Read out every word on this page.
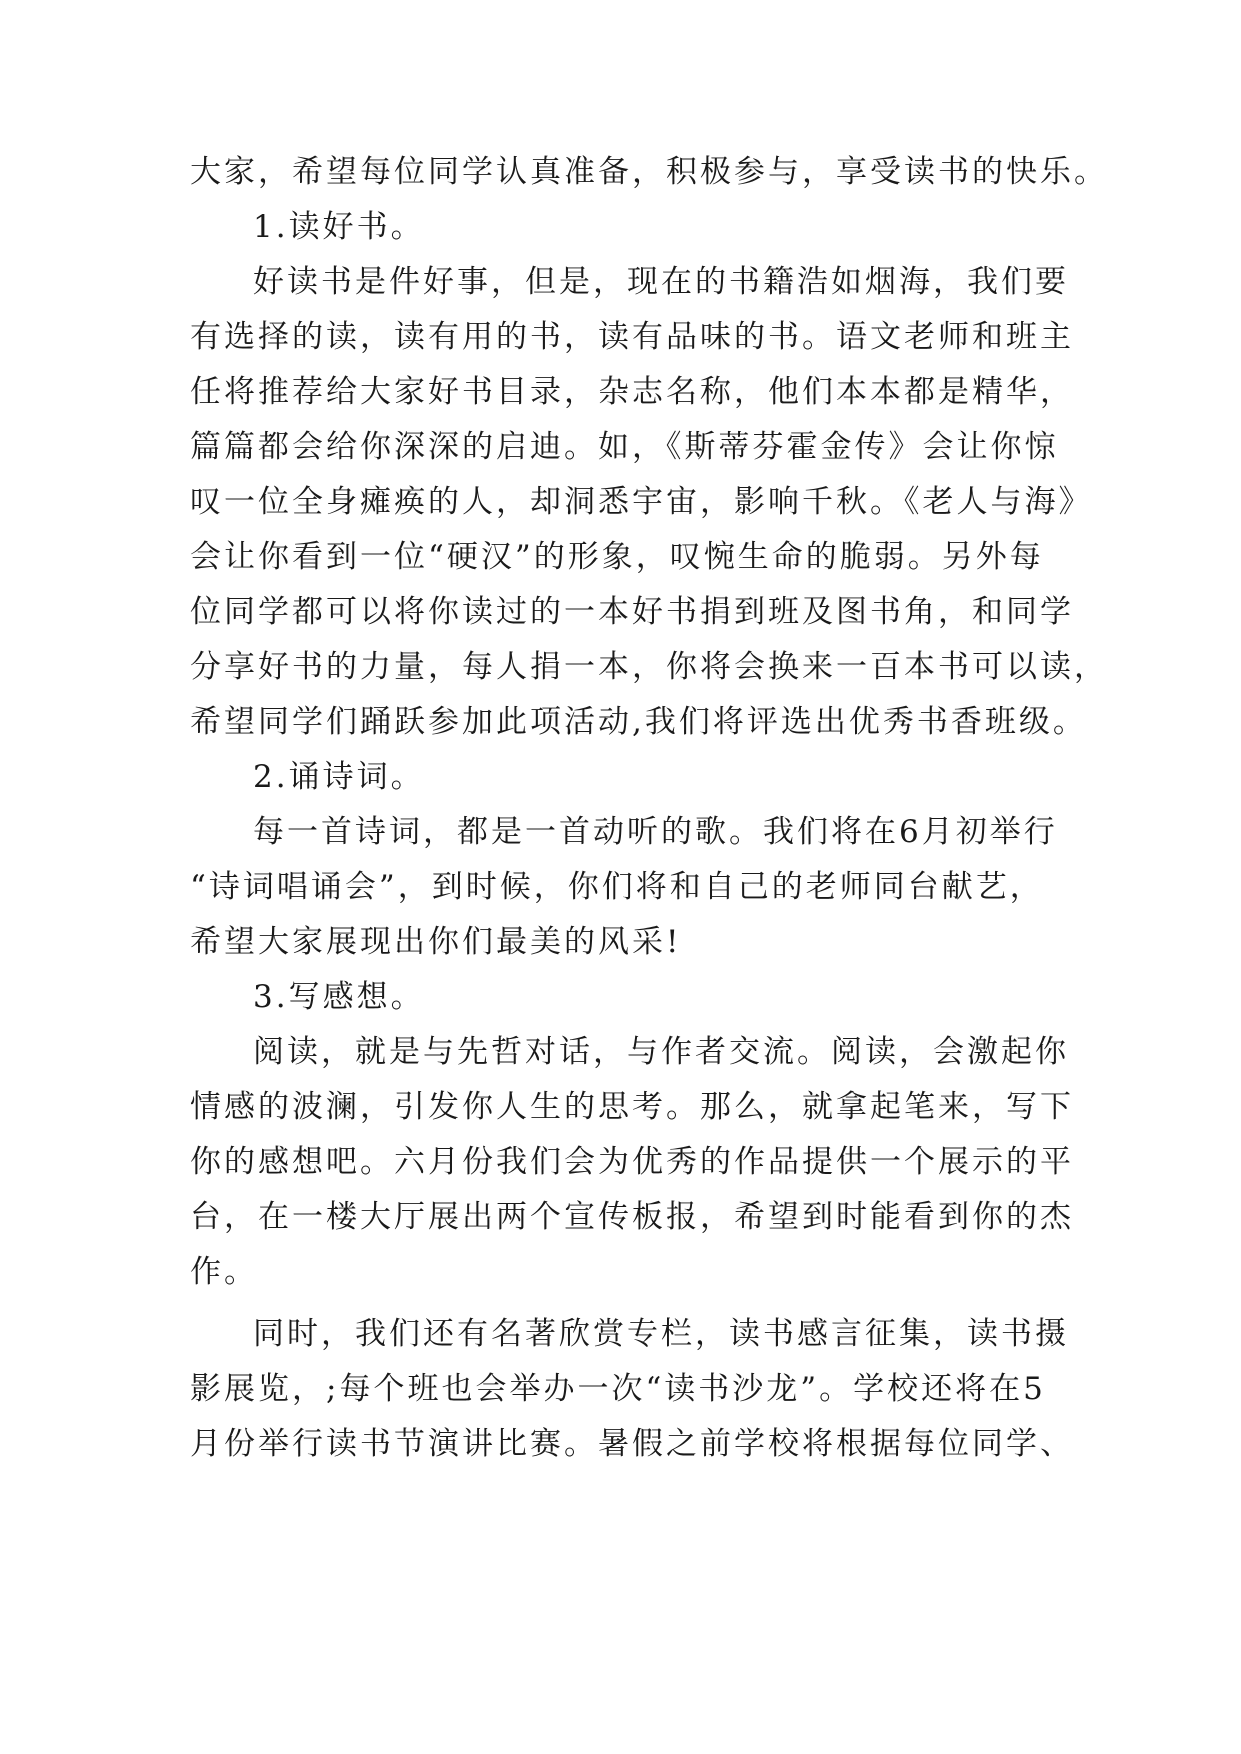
大家，希望每位同学认真准备，积极参与，享受读书的快乐。
1.读好书。
好读书是件好事，但是，现在的书籍浩如烟海，我们要
有选择的读，读有用的书，读有品味的书。语文老师和班主
任将推荐给大家好书目录，杂志名称，他们本本都是精华，
篇篇都会给你深深的启迪。如，《斯蒂芬霍金传》会让你惊
叹一位全身瘫痪的人，却洞悉宇宙，影响千秋。《老人与海》
会让你看到一位“硬汉”的形象，叹惋生命的脆弱。另外每
位同学都可以将你读过的一本好书捐到班及图书角，和同学
分享好书的力量，每人捐一本，你将会换来一百本书可以读，
希望同学们踊跃参加此项活动,我们将评选出优秀书香班级。
2.诵诗词。
每一首诗词，都是一首动听的歌。我们将在6月初举行
“诗词唱诵会”，到时候，你们将和自己的老师同台献艺，
希望大家展现出你们最美的风采!
3.写感想。
阅读，就是与先哲对话，与作者交流。阅读，会激起你
情感的波澜，引发你人生的思考。那么，就拿起笔来，写下
你的感想吧。六月份我们会为优秀的作品提供一个展示的平
台，在一楼大厅展出两个宣传板报，希望到时能看到你的杰
作。
同时，我们还有名著欣赏专栏，读书感言征集，读书摄
影展览，;每个班也会举办一次“读书沙龙”。学校还将在5
月份举行读书节演讲比赛。暑假之前学校将根据每位同学、
